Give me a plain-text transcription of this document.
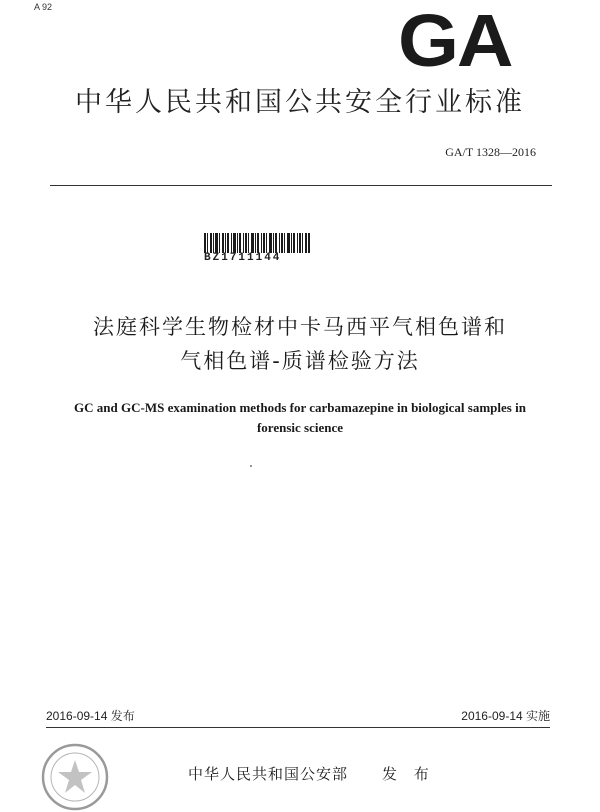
A 92	GA
中华人民共和国公共安全行业标准
GA/T 1328—2016
BZ1711144
法庭科学生物检材中卡马西平气相色谱和
气相色谱-质谱检验方法
GC and GC-MS examination methods for carbamazepine in biological samples in
forensic science
2016-09-14 发布	2016-09-14 实施
中华人民共和国公安部 发 布
